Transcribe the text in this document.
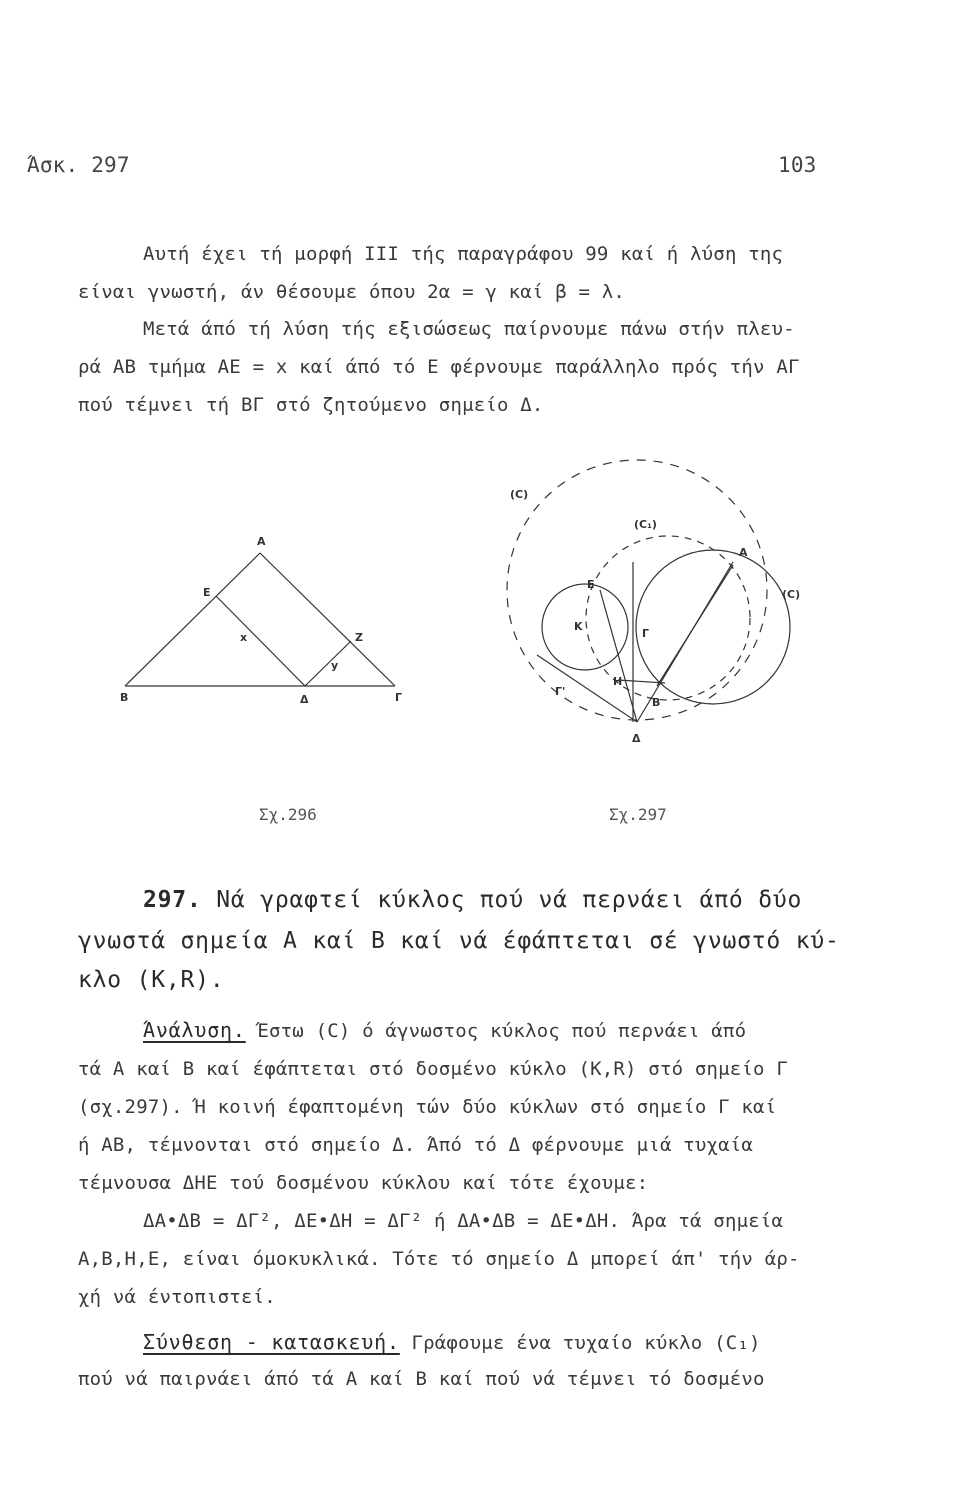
Άσκ. 297	103
Αυτή έχει τή μορφή III τής παραγράφου 99 καί ή λύση της
είναι γνωστή, άν θέσουμε όπου 2α = γ καί β = λ.
Μετά άπό τή λύση τής εξισώσεως παίρνουμε πάνω στήν πλευ-
ρά ΑΒ τμήμα ΑΕ = x καί άπό τό Ε φέρνουμε παράλληλο πρός τήν ΑΓ
πού τέμνει τή ΒΓ στό ζητούμενο σημείο Δ.
A
E
x	Z
y
B	Δ	Γ
(C)
(C₁)
A
(C)
E
K
Γ
Γ'
H
B
Δ
Σχ.296	Σχ.297
297. Νά γραφτεί κύκλος πού νά περνάει άπό δύο
γνωστά σημεία Α καί Β καί νά έφάπτεται σέ γνωστό κύ-
κλο (K,R).
Άνάλυση. Έστω (C) ό άγνωστος κύκλος πού περνάει άπό
τά Α καί Β καί έφάπτεται στό δοσμένο κύκλο (K,R) στό σημείο Γ
(σχ.297). Ή κοινή έφαπτομένη τών δύο κύκλων στό σημείο Γ καί
ή ΑΒ, τέμνονται στό σημείο Δ. Άπό τό Δ φέρνουμε μιά τυχαία
τέμνουσα ΔΗΕ τού δοσμένου κύκλου καί τότε έχουμε:
ΔΑ•ΔΒ = ΔΓ², ΔΕ•ΔΗ = ΔΓ² ή ΔΑ•ΔΒ = ΔΕ•ΔΗ. Άρα τά σημεία
Α,Β,Η,Ε, είναι όμοκυκλικά. Τότε τό σημείο Δ μπορεί άπ' τήν άρ-
χή νά έντοπιστεί.
Σύνθεση - κατασκευή. Γράφουμε ένα τυχαίο κύκλο (C₁)
πού νά παιρνάει άπό τά Α καί Β καί πού νά τέμνει τό δοσμένο
